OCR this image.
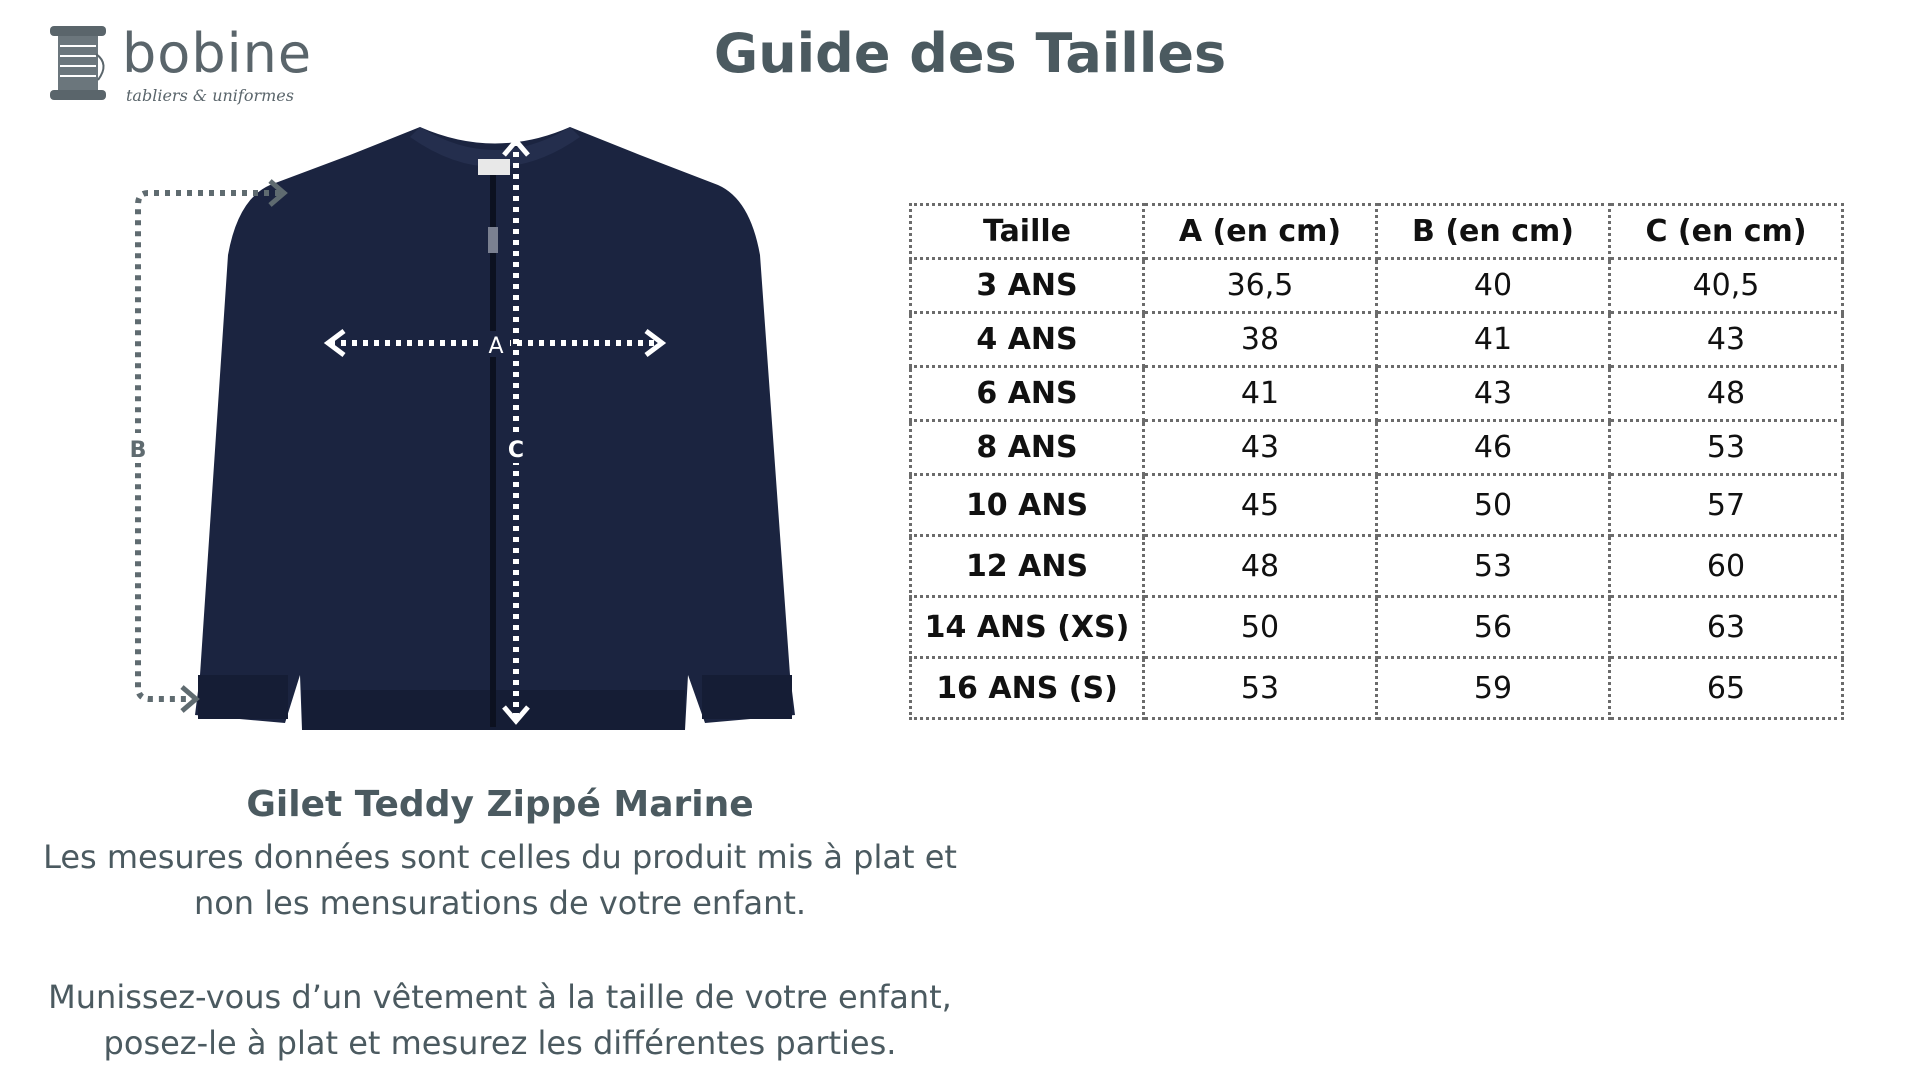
bobine
tabliers & uniformes
Guide des Tailles
A
C
B
Gilet Teddy Zippé Marine
Les mesures données sont celles du produit mis à plat et
non les mensurations de votre enfant.
Munissez-vous d’un vêtement à la taille de votre enfant,
posez-le à plat et mesurez les différentes parties.
Taille	A (en cm)	B (en cm)	C (en cm)
3 ANS	36,5	40	40,5
4 ANS	38	41	43
6 ANS	41	43	48
8 ANS	43	46	53
10 ANS	45	50	57
12 ANS	48	53	60
14 ANS (XS)	50	56	63
16 ANS (S)	53	59	65
